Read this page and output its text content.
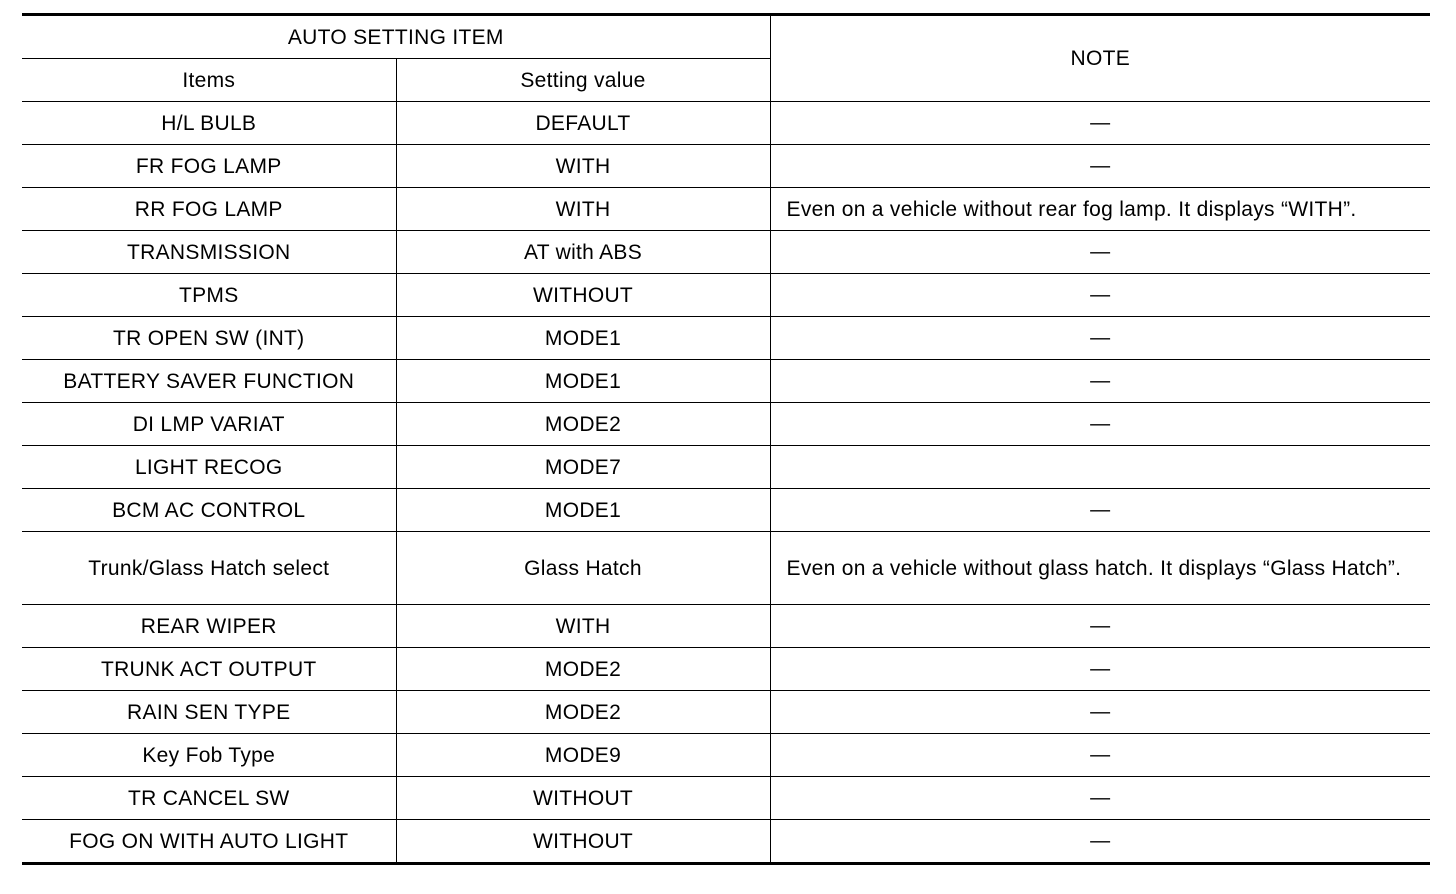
AUTO SETTING ITEM		NOTE
Items	Setting value	
H/L BULB	DEFAULT	—
FR FOG LAMP	WITH	—
RR FOG LAMP	WITH	Even on a vehicle without rear fog lamp. It displays “WITH”.
TRANSMISSION	AT with ABS	—
TPMS	WITHOUT	—
TR OPEN SW (INT)	MODE1	—
BATTERY SAVER FUNCTION	MODE1	—
DI LMP VARIAT	MODE2	—
LIGHT RECOG	MODE7	
BCM AC CONTROL	MODE1	—
Trunk/Glass Hatch select	Glass Hatch	Even on a vehicle without glass hatch. It displays “Glass Hatch”.
REAR WIPER	WITH	—
TRUNK ACT OUTPUT	MODE2	—
RAIN SEN TYPE	MODE2	—
Key Fob Type	MODE9	—
TR CANCEL SW	WITHOUT	—
FOG ON WITH AUTO LIGHT	WITHOUT	—
